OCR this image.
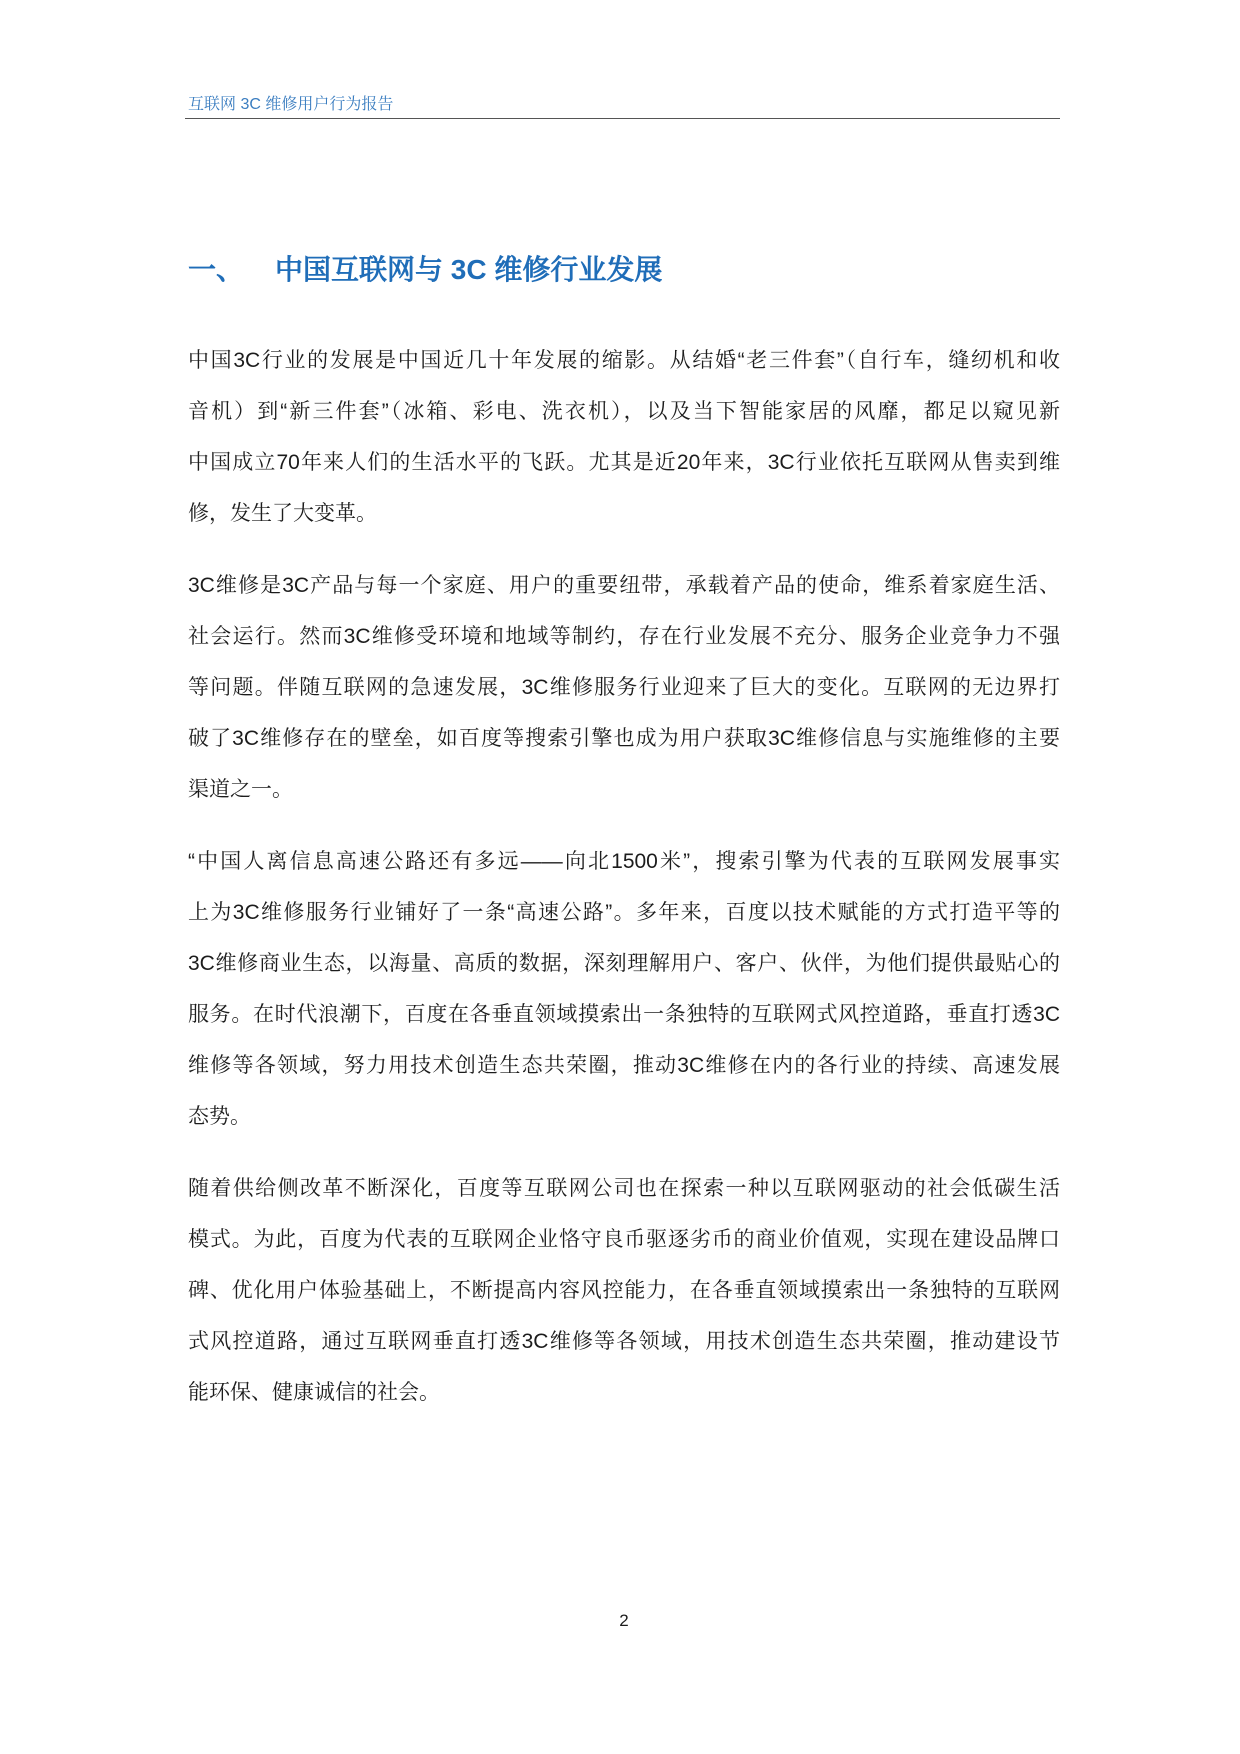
互联网 3C 维修用户行为报告
一、 中国互联网与 3C 维修行业发展
中国3C行业的发展是中国近几十年发展的缩影。从结婚“老三件套”（自行车，缝纫机和收
音机）到“新三件套”（冰箱、彩电、洗衣机），以及当下智能家居的风靡，都足以窥见新
中国成立70年来人们的生活水平的飞跃。尤其是近20年来，3C行业依托互联网从售卖到维
修，发生了大变革。
3C维修是3C产品与每一个家庭、用户的重要纽带，承载着产品的使命，维系着家庭生活、
社会运行。然而3C维修受环境和地域等制约，存在行业发展不充分、服务企业竞争力不强
等问题。伴随互联网的急速发展，3C维修服务行业迎来了巨大的变化。互联网的无边界打
破了3C维修存在的壁垒，如百度等搜索引擎也成为用户获取3C维修信息与实施维修的主要
渠道之一。
“中国人离信息高速公路还有多远——向北1500米”，搜索引擎为代表的互联网发展事实
上为3C维修服务行业铺好了一条“高速公路”。多年来，百度以技术赋能的方式打造平等的
3C维修商业生态，以海量、高质的数据，深刻理解用户、客户、伙伴，为他们提供最贴心的
服务。在时代浪潮下，百度在各垂直领域摸索出一条独特的互联网式风控道路，垂直打透3C
维修等各领域，努力用技术创造生态共荣圈，推动3C维修在内的各行业的持续、高速发展
态势。
随着供给侧改革不断深化，百度等互联网公司也在探索一种以互联网驱动的社会低碳生活
模式。为此，百度为代表的互联网企业恪守良币驱逐劣币的商业价值观，实现在建设品牌口
碑、优化用户体验基础上，不断提高内容风控能力，在各垂直领域摸索出一条独特的互联网
式风控道路，通过互联网垂直打透3C维修等各领域，用技术创造生态共荣圈，推动建设节
能环保、健康诚信的社会。
2
